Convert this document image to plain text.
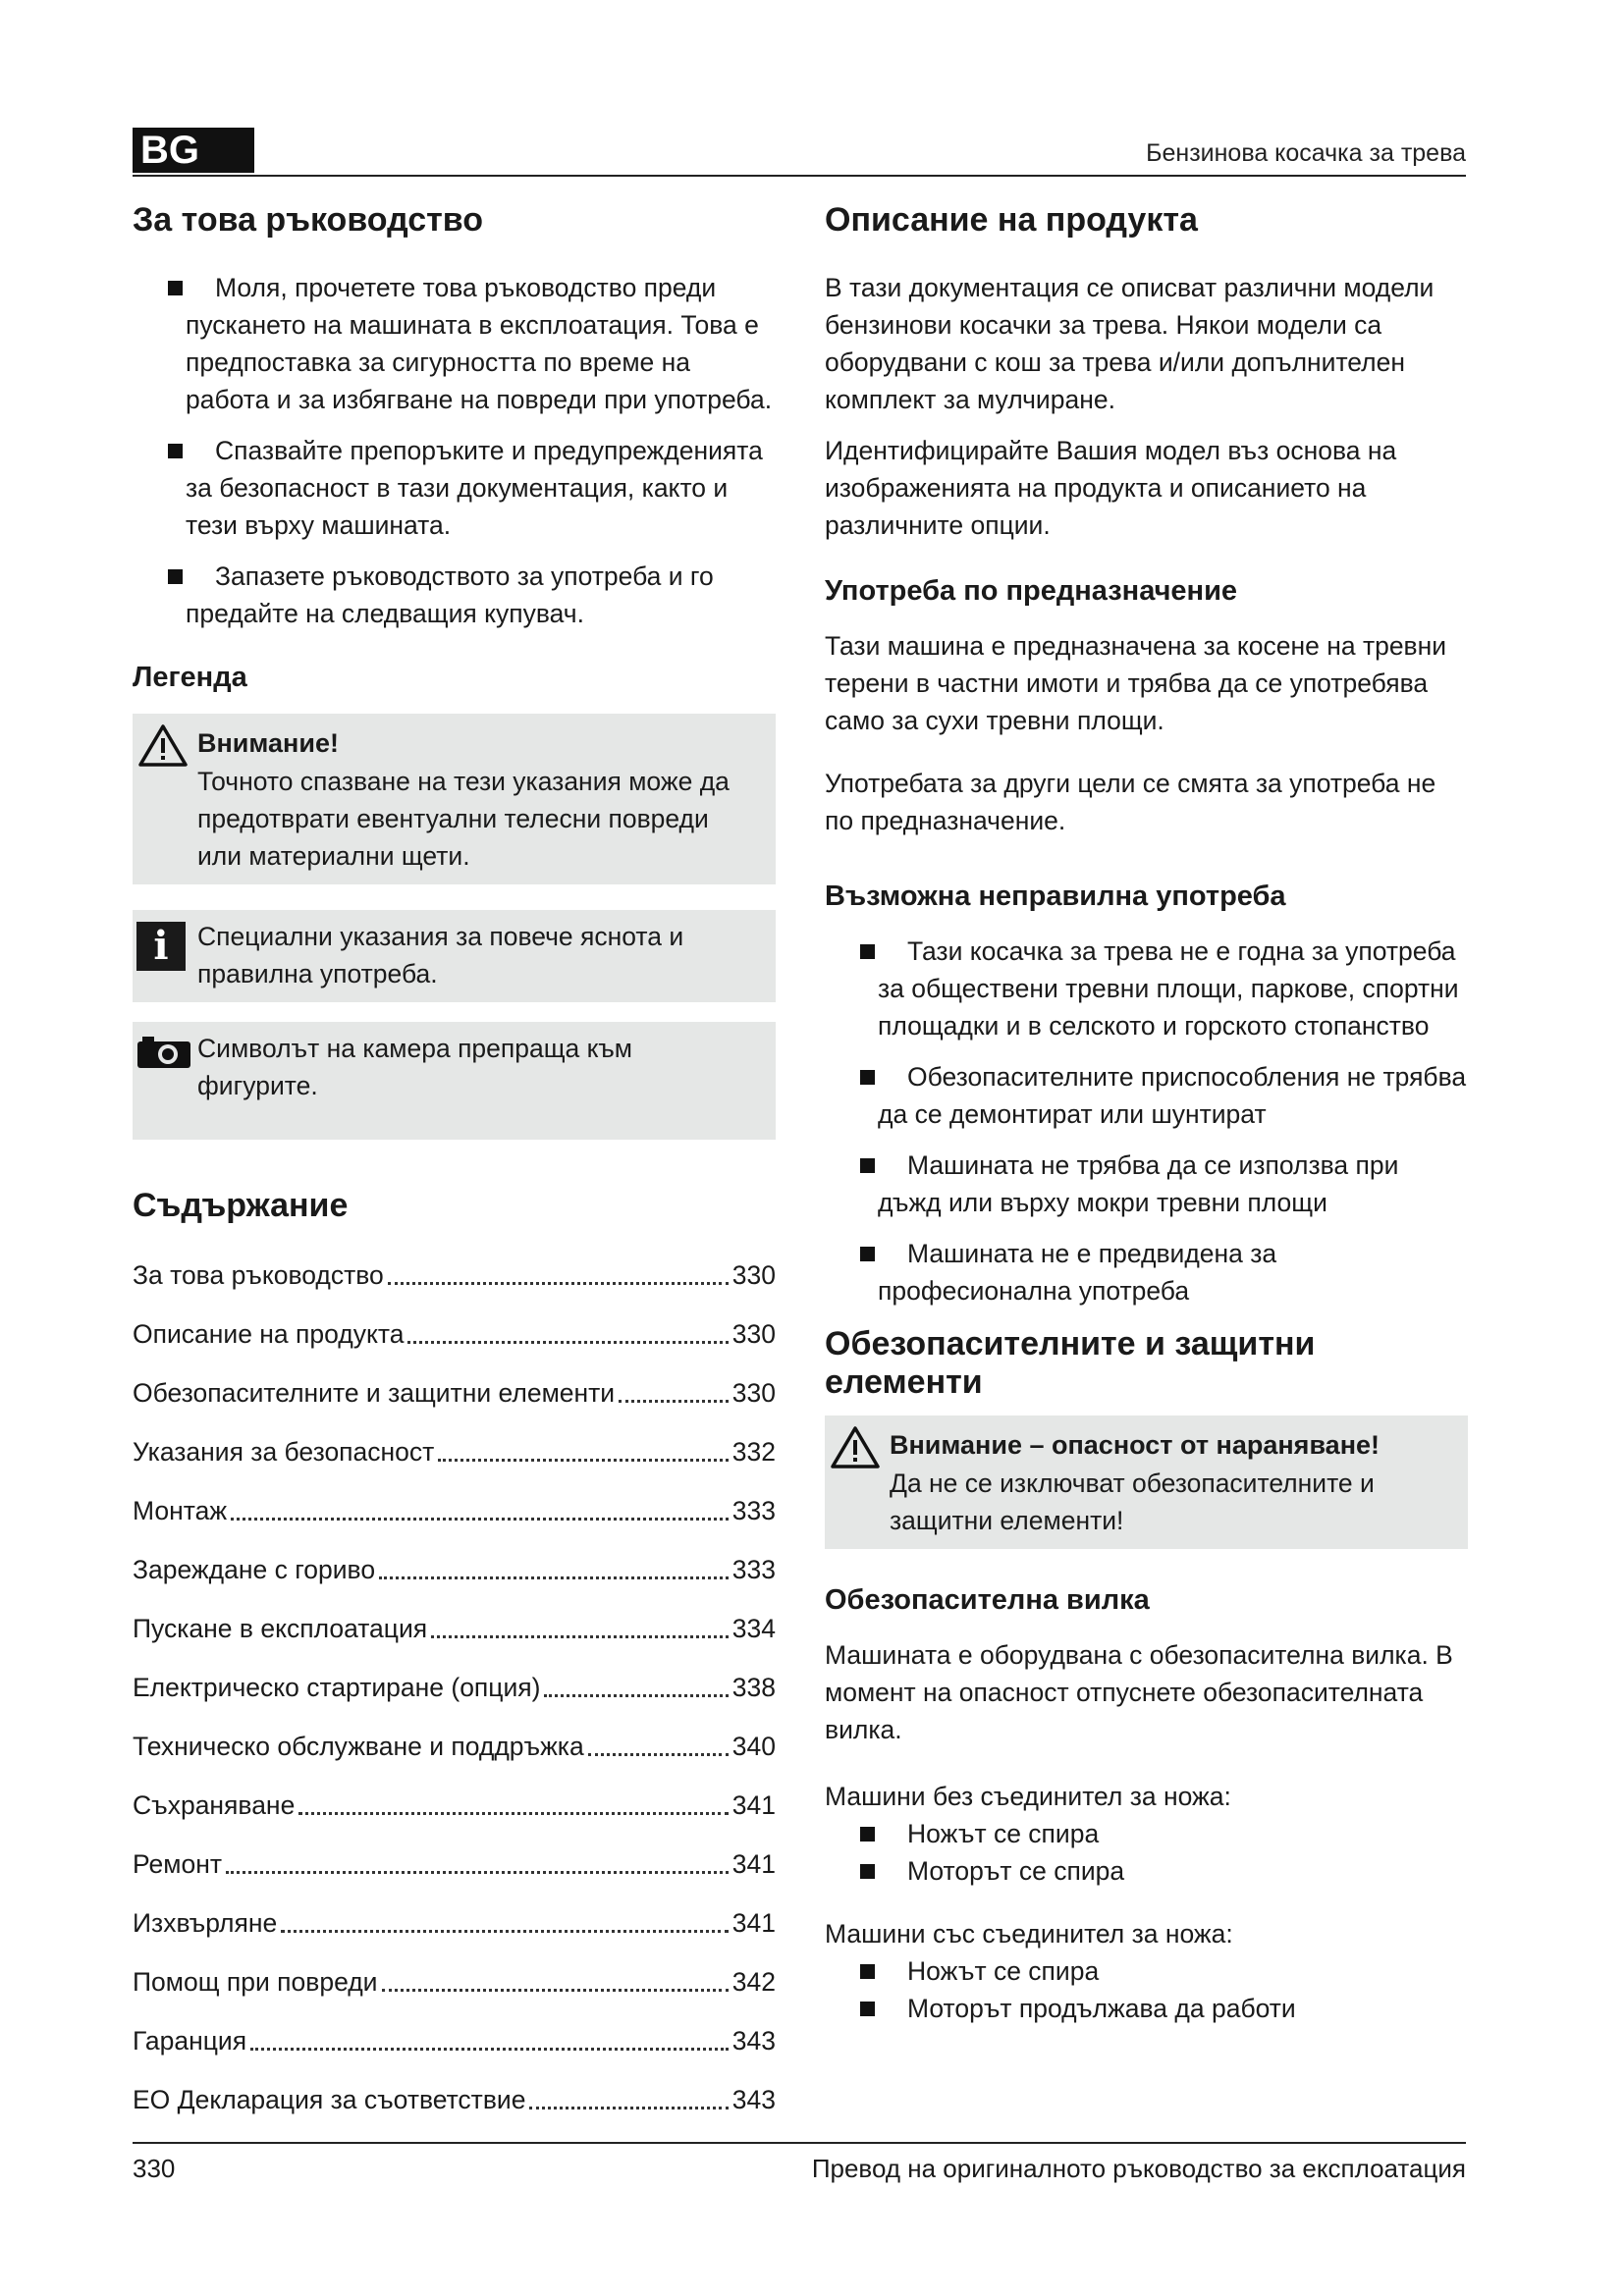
BG	Бензинова косачка за трева
За това ръководство
Моля, прочетете това ръководство преди пускането на машината в експлоатация. Това е предпоставка за сигурността по време на работа и за избягване на повреди при употреба.
Спазвайте препоръките и предупрежденията за безопасност в тази документация, както и тези върху машината.
Запазете ръководството за употреба и го предайте на следващия купувач.
Легенда
Внимание!
Точното спазване на тези указания може да предотврати евентуални телесни повреди или материални щети.
i	Специални указания за повече яснота и правилна употреба.
Символът на камера препраща към фигурите.
Съдържание
За това ръководство	330
Описание на продукта	330
Обезопасителните и защитни елементи	330
Указания за безопасност	332
Монтаж	333
Зареждане с гориво	333
Пускане в експлоатация	334
Електрическо стартиране (опция)	338
Техническо обслужване и поддръжка	340
Съхраняване	341
Ремонт	341
Изхвърляне	341
Помощ при повреди	342
Гаранция	343
ЕО Декларация за съответствие	343
Описание на продукта

В тази документация се описват различни модели бензинови косачки за трева. Някои модели са оборудвани с кош за трева и/или допълнителен комплект за мулчиране.

Идентифицирайте Вашия модел въз основа на изображенията на продукта и описанието на различните опции.

Употреба по предназначение

Тази машина е предназначена за косене на тревни терени в частни имоти и трябва да се употребява само за сухи тревни площи.

Употребата за други цели се смята за употреба не по предназначение.

Възможна неправилна употреба
Тази косачка за трева не е годна за употреба за обществени тревни площи, паркове, спортни площадки и в селското и горското стопанство
Обезопасителните приспособления не трябва да се демонтират или шунтират
Машината не трябва да се използва при дъжд или върху мокри тревни площи
Машината не е предвидена за професионална употреба
Обезопасителните и защитни елементи
Внимание – опасност от нараняване!
Да не се изключват обезопасителните и защитни елементи!
Обезопасителна вилка

Машината е оборудвана с обезопасителна вилка. В момент на опасност отпуснете обезопасителната вилка.

Машини без съединител за ножа:

Ножът се спира
Моторът се спира

Машини със съединител за ножа:

Ножът се спира
Моторът продължава да работи
330	Превод на оригиналното ръководство за експлоатация
